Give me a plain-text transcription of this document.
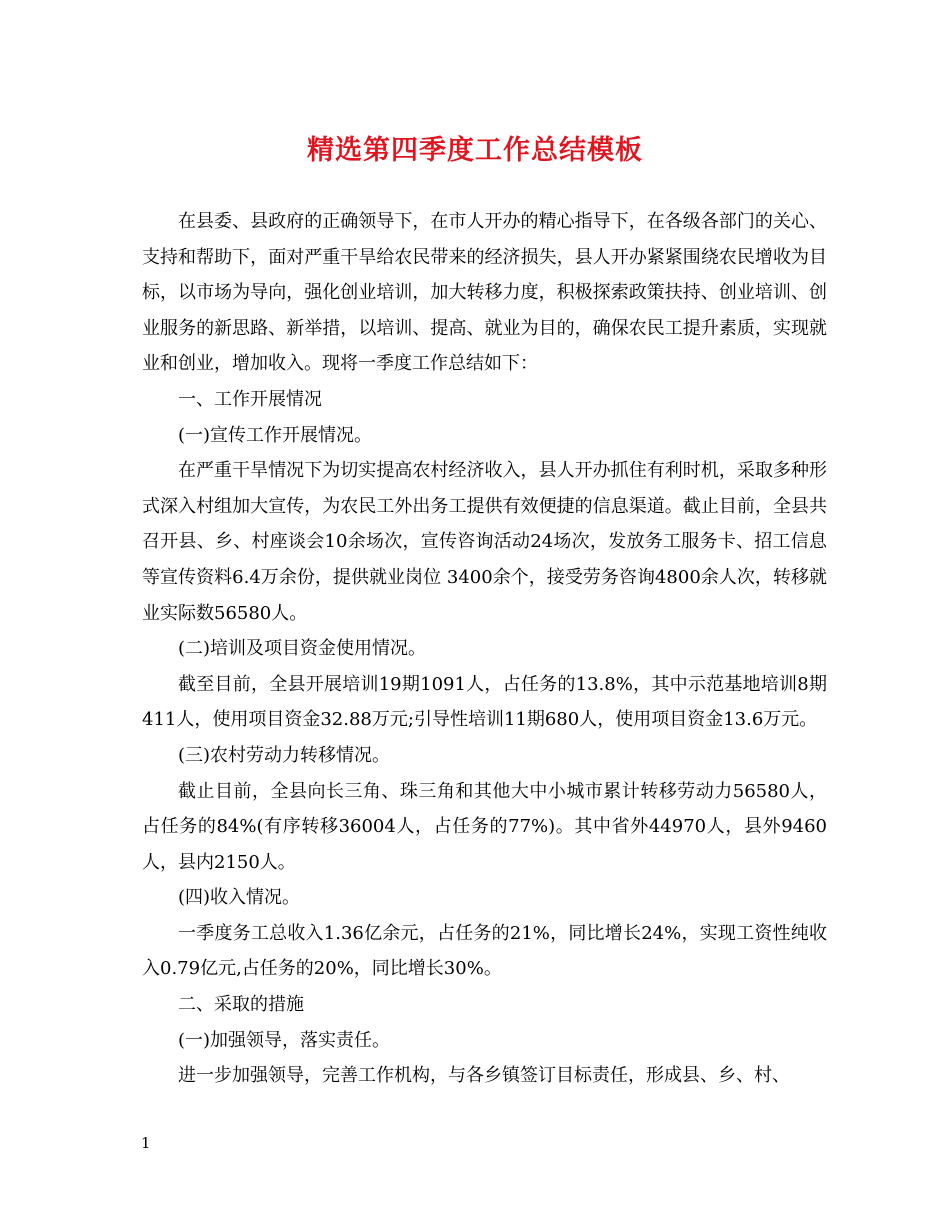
精选第四季度工作总结模板

在县委、县政府的正确领导下，在市人开办的精心指导下，在各级各部门的关心、支持和帮助下，面对严重干旱给农民带来的经济损失，县人开办紧紧围绕农民增收为目标，以市场为导向，强化创业培训，加大转移力度，积极探索政策扶持、创业培训、创业服务的新思路、新举措，以培训、提高、就业为目的，确保农民工提升素质，实现就业和创业，增加收入。现将一季度工作总结如下：

一、工作开展情况

(一)宣传工作开展情况。

在严重干旱情况下为切实提高农村经济收入，县人开办抓住有利时机，采取多种形式深入村组加大宣传，为农民工外出务工提供有效便捷的信息渠道。截止目前，全县共召开县、乡、村座谈会10余场次，宣传咨询活动24场次，发放务工服务卡、招工信息等宣传资料6.4万余份，提供就业岗位 3400余个，接受劳务咨询4800余人次，转移就业实际数56580人。

(二)培训及项目资金使用情况。

截至目前，全县开展培训19期1091人，占任务的13.8%，其中示范基地培训8期411人，使用项目资金32.88万元;引导性培训11期680人，使用项目资金13.6万元。

(三)农村劳动力转移情况。

截止目前，全县向长三角、珠三角和其他大中小城市累计转移劳动力56580人，占任务的84%(有序转移36004人，占任务的77%)。其中省外44970人，县外9460人，县内2150人。

(四)收入情况。

一季度务工总收入1.36亿余元，占任务的21%，同比增长24%，实现工资性纯收入0.79亿元,占任务的20%，同比增长30%。

二、采取的措施

(一)加强领导，落实责任。

进一步加强领导，完善工作机构，与各乡镇签订目标责任，形成县、乡、村、

1
